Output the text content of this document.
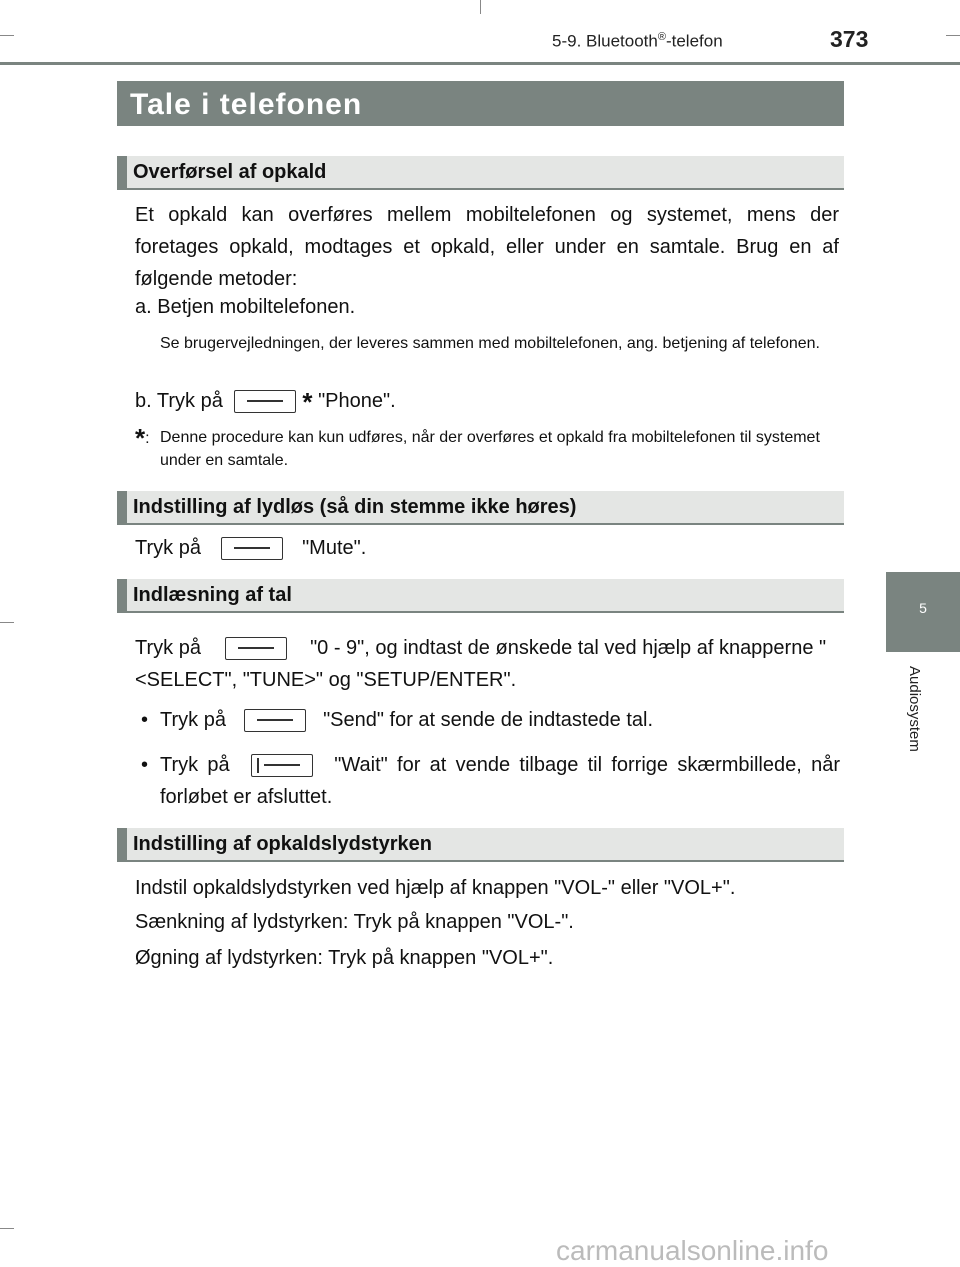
5-9. Bluetooth®-telefon	373
5
Audiosystem
Tale i telefonen
Overførsel af opkald
Et opkald kan overføres mellem mobiltelefonen og systemet, mens der foretages opkald, modtages et opkald, eller under en samtale. Brug en af følgende metoder:
a. Betjen mobiltelefonen.
Se brugervejledningen, der leveres sammen med mobiltelefonen, ang. betjening af telefonen.
b. Tryk på	* "Phone".
*: Denne procedure kan kun udføres, når der overføres et opkald fra mobiltelefonen til systemet under en samtale.
Indstilling af lydløs (så din stemme ikke høres)
Tryk på	"Mute".
Indlæsning af tal
Tryk på	"0 - 9", og indtast de ønskede tal ved hjælp af knapperne "<SELECT", "TUNE>" og "SETUP/ENTER".
• Tryk på	"Send" for at sende de indtastede tal.
• Tryk på	"Wait" for at vende tilbage til forrige skærmbillede, når forløbet er afsluttet.
Indstilling af opkaldslydstyrken
Indstil opkaldslydstyrken ved hjælp af knappen "VOL-" eller "VOL+".
Sænkning af lydstyrken: Tryk på knappen "VOL-".
Øgning af lydstyrken: Tryk på knappen "VOL+".
carmanualsonline.info
